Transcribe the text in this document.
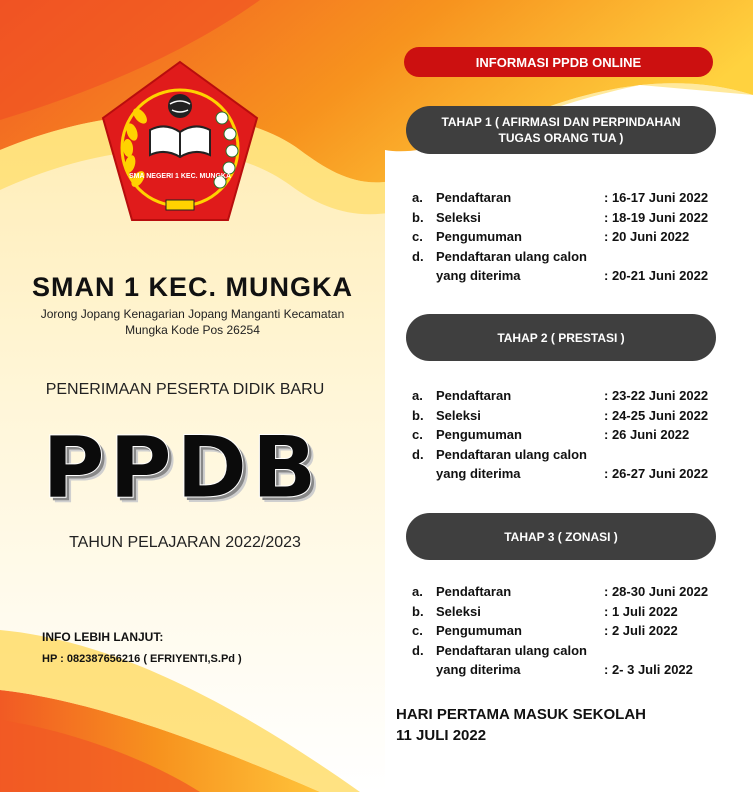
SMA NEGERI 1 KEC. MUNGKA
SMAN 1 KEC. MUNGKA
Jorong Jopang Kenagarian Jopang Manganti Kecamatan
Mungka Kode Pos 26254
PENERIMAAN PESERTA DIDIK BARU
PPDB
TAHUN PELAJARAN 2022/2023
INFO LEBIH LANJUT:
HP : 082387656216 ( EFRIYENTI,S.Pd )
INFORMASI PPDB ONLINE
TAHAP 1 ( AFIRMASI DAN PERPINDAHAN
TUGAS ORANG TUA )
a. Pendaftaran	: 16-17 Juni 2022
b. Seleksi	: 18-19 Juni 2022
c. Pengumuman	: 20 Juni 2022
d. Pendaftaran ulang calon
yang diterima	: 20-21 Juni 2022
TAHAP 2 ( PRESTASI )
a. Pendaftaran	: 23-22 Juni 2022
b. Seleksi	: 24-25 Juni 2022
c. Pengumuman	: 26 Juni 2022
d. Pendaftaran ulang calon
yang diterima	: 26-27 Juni 2022
TAHAP 3 ( ZONASI )
a. Pendaftaran	: 28-30 Juni 2022
b. Seleksi	: 1 Juli 2022
c. Pengumuman	: 2 Juli 2022
d. Pendaftaran ulang calon
yang diterima	: 2- 3 Juli 2022
HARI PERTAMA MASUK SEKOLAH
11 JULI 2022
